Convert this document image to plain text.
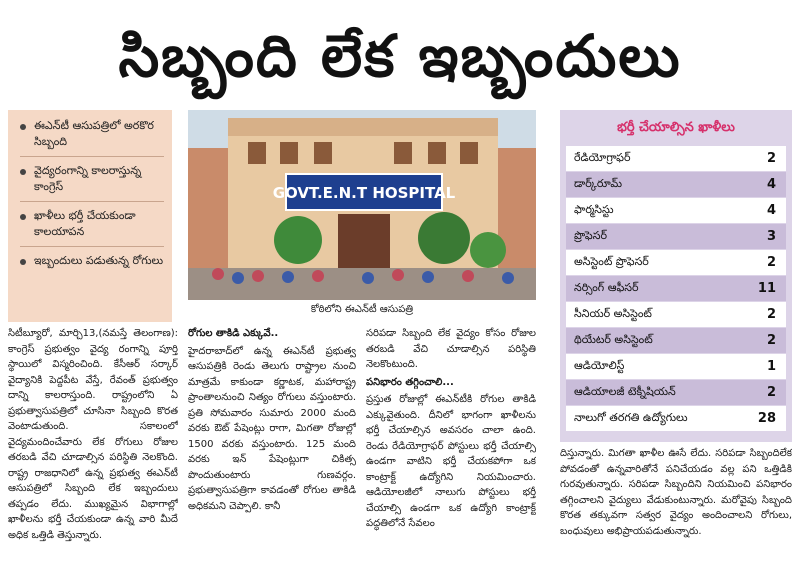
సిబ్బంది లేక ఇబ్బందులు
ఈఎన్‌టీ ఆసుపత్రిలో అరకొర సిబ్బంది
వైద్యరంగాన్ని కాలరాస్తున్న కాంగ్రెస్
ఖాళీలు భర్తీ చేయకుండా కాలయాపన
ఇబ్బందులు పడుతున్న రోగులు
GOVT.E.N.T HOSPITAL
కోఠిలోని ఈఎన్‌టీ ఆసుపత్రి
భర్తీ చేయాల్సిన ఖాళీలు
రేడియోగ్రాఫర్	2
డార్క్‌రూమ్	4
ఫార్మసిస్టు	4
ప్రొఫెసర్	3
అసిస్టెంట్ ప్రొఫెసర్	2
నర్సింగ్ ఆఫీసర్	11
సీనియర్ అసిస్టెంట్	2
థియేటర్ అసిస్టెంట్	2
ఆడియోలిస్ట్	1
ఆడియాలజీ టెక్నీషియన్	2
నాలుగో తరగతి ఉద్యోగులు	28

సిటీబ్యూరో, మార్చి13,(నమస్తే తెలంగాణ): కాంగ్రెస్ ప్రభుత్వం వైద్య రంగాన్ని పూర్తి స్థాయిలో విస్మరించింది. కేసీఆర్ సర్కార్ వైద్యానికి పెద్దపీట వేస్తే, రేవంత్ ప్రభుత్వం దాన్ని కాలరాస్తుంది. రాష్ట్రంలోని ఏ ప్రభుత్వాసుపత్రిలో చూసినా సిబ్బంది కొరత వెంటాడుతుంది. సకాలంలో వైద్యమందించేవారు లేక రోగులు రోజుల తరబడి వేచి చూడాల్సిన పరిస్థితి నెలకొంది. రాష్ట్ర రాజధానిలో ఉన్న ప్రభుత్వ ఈఎన్‌టీ ఆసుపత్రిలో సిబ్బంది లేక ఇబ్బందులు తప్పడం లేదు. ముఖ్యమైన విభాగాల్లో ఖాళీలను భర్తీ చేయకుండా ఉన్న వారి మీదే అధిక ఒత్తిడి తెస్తున్నారు.

రోగుల తాకిడి ఎక్కువే..

హైదరాబాద్‌లో ఉన్న ఈఎన్‌టీ ప్రభుత్వ ఆసుపత్రికి రెండు తెలుగు రాష్ట్రాల నుంచి మాత్రమే కాకుండా కర్ణాటక, మహారాష్ట్ర ప్రాంతాలనుంచి నిత్యం రోగులు వస్తుంటారు. ప్రతి సోమవారం సుమారు 2000 మంది వరకు ఔట్ పేషెంట్లు రాగా, మిగతా రోజుల్లో 1500 వరకు వస్తుంటారు. 125 మంది వరకు ఇన్ పేషెంట్లుగా చికిత్స పొందుతుంటారు గుణవర్గం. ప్రభుత్వాసుపత్రిగా కావడంతో రోగుల తాకిడి అధికమని చెప్పాలి. కానీ

సరిపడా సిబ్బంది లేక వైద్యం కోసం రోజుల తరబడి వేచి చూడాల్సిన పరిస్థితి నెలకొంటుంది.

పనిభారం తగ్గించాలి...

ప్రస్తుత రోజుల్లో ఈఎన్‌టీకి రోగుల తాకిడి ఎక్కువైతుంది. దీనిలో భాగంగా ఖాళీలను భర్తీ చేయాల్సిన అవసరం చాలా ఉంది. రెండు రేడియోగ్రాఫర్ పోస్టులు భర్తీ చేయాల్సి ఉండగా వాటిని భర్తీ చేయకపోగా ఒక కాంట్రాక్ట్ ఉద్యోగిని నియమించారు. ఆడియోలజీలో నాలుగు పోస్టులు భర్తీ చేయాల్సి ఉండగా ఒక ఉద్యోగి కాంట్రాక్ట్ పద్ధతిలోనే సేవలం

దిస్తున్నారు. మిగతా ఖాళీల ఊసే లేదు. సరిపడా సిబ్బందిలేక పోవడంతో ఉన్నవారితోనే పనిచేయడం వల్ల పని ఒత్తిడికి గురవుతున్నారు. సరిపడా సిబ్బందిని నియమించి పనిభారం తగ్గించాలని వైద్యులు వేడుకుంటున్నారు. మరోవైపు సిబ్బంది కొరత తక్కువగా సత్వర వైద్యం అందించాలని రోగులు, బంధువులు అభిప్రాయపడుతున్నారు.
